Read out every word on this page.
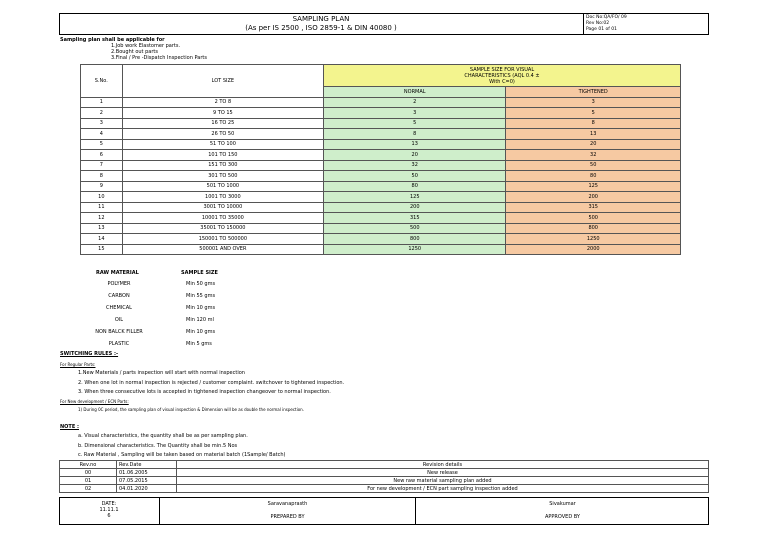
SAMPLING PLAN
(As per IS 2500 , ISO 2859-1 & DIN 40080 )
Doc No:QA/FO/ 09
Rev No:02
Page 01 of 01
Sampling plan shall be applicable for
1.Job work Elastomer parts.
2.Bought out parts
3.Final / Pre -Dispatch Inspection Parts
S.No.	LOT SIZE	SAMPLE SIZE FOR VISUAL
CHARACTERISTICS (AQL 0.4 ±
With C=0)	

		NORMAL	TIGHTENED
1	2 TO 8	2	3
2	9 TO 15	3	5
3	16 TO 25	5	8
4	26 TO 50	8	13
5	51 TO 100	13	20
6	101 TO 150	20	32
7	151 TO 300	32	50
8	301 TO 500	50	80
9	501 TO 1000	80	125
10	1001 TO 3000	125	200
11	3001 TO 10000	200	315
12	10001 TO 35000	315	500
13	35001 TO 150000	500	800
14	150001 TO 500000	800	1250
15	500001 AND OVER	1250	2000
RAW MATERIAL	SAMPLE SIZE
POLYMER	Min 50 gms
CARBON	Min 55 gms
CHEMICAL	Min 10 gms
OIL	Min 120 ml
NON BALCK FILLER	Min 10 gms
PLASTIC	Min 5 gms
SWITCHING RULES :-
For Regular Parts:
1.New Materials / parts inspection will start with normal inspection
2. When one lot in normal inspection is rejected / customer complaint. switchover to tightened inspection.
3. When three consecutive lots is accepted in tightened inspection changeover to normal inspection.
For New development / ECN Parts:
1) During 0C period, the sampling plan of visual inspection & Dimension will be as double the normal inspection.
NOTE :
a. Visual characteristics, the quantity shall be as per sampling plan.
b. Dimensional characteristics. The Quantity shall be min.5 Nos
c. Raw Material , Sampling will be taken based on material batch (1Sample/ Batch)
Rev.no	Rev.Date	Revision details
00	01.06.2005	New release
01	07.05.2015	New raw material sampling plan added
02	04.01.2020	For new development / ECN part sampling inspection added
DATE:
11.11.1
6
Saravanaprasth
PREPARED BY
Sivakumar
APPROVED BY
